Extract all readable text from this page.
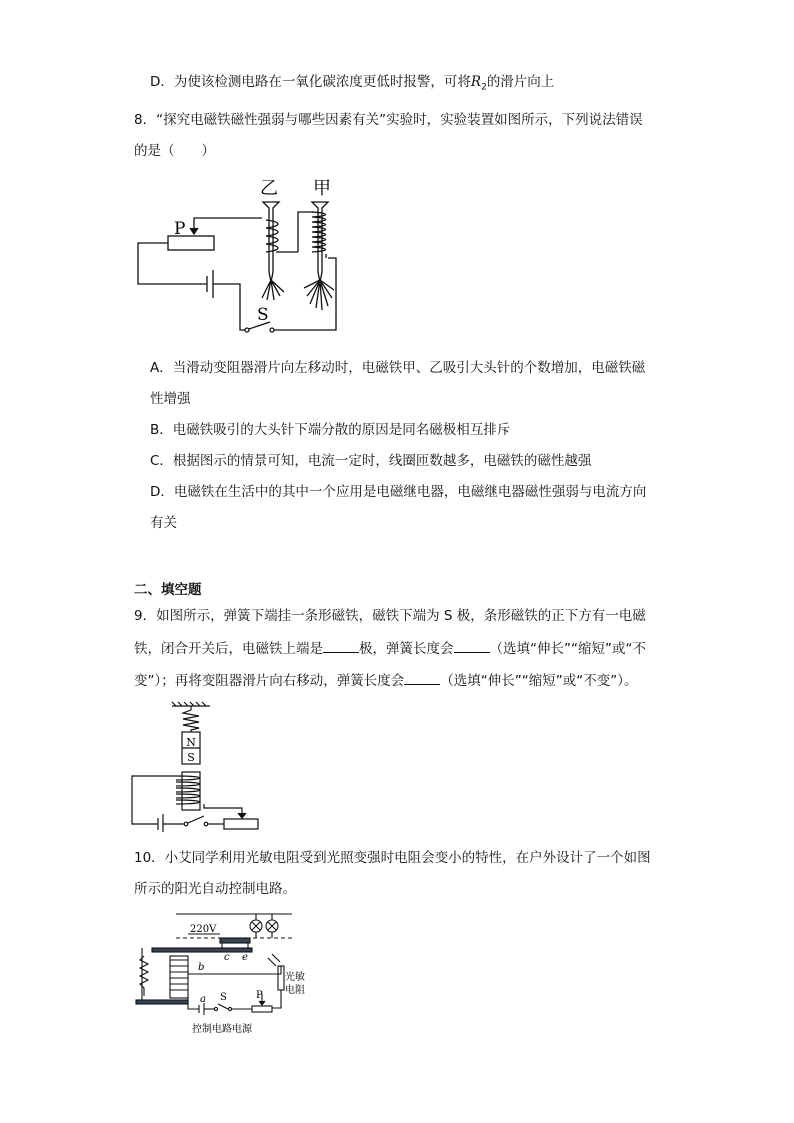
D．为使该检测电路在一氧化碳浓度更低时报警，可将$R_2$的滑片向上
8．“探究电磁铁磁性强弱与哪些因素有关”实验时，实验装置如图所示，下列说法错误
的是（　　）
乙 甲
P
S
A．当滑动变阻器滑片向左移动时，电磁铁甲、乙吸引大头针的个数增加，电磁铁磁
性增强
B．电磁铁吸引的大头针下端分散的原因是同名磁极相互排斥
C．根据图示的情景可知，电流一定时，线圈匝数越多，电磁铁的磁性越强
D．电磁铁在生活中的其中一个应用是电磁继电器，电磁继电器磁性强弱与电流方向
有关
二、填空题
9．如图所示，弹簧下端挂一条形磁铁，磁铁下端为 S 极，条形磁铁的正下方有一电磁
铁，闭合开关后，电磁铁上端是	极，弹簧长度会	（选填“伸长”“缩短”或“不
变”）；再将变阻器滑片向右移动，弹簧长度会	（选填“伸长”“缩短”或“不变”）。
N
S
10．小艾同学利用光敏电阻受到光照变强时电阻会变小的特性，在户外设计了一个如图
所示的阳光自动控制电路。
220V
c e
b
a S	P
光敏
电阻
控制电路电源
